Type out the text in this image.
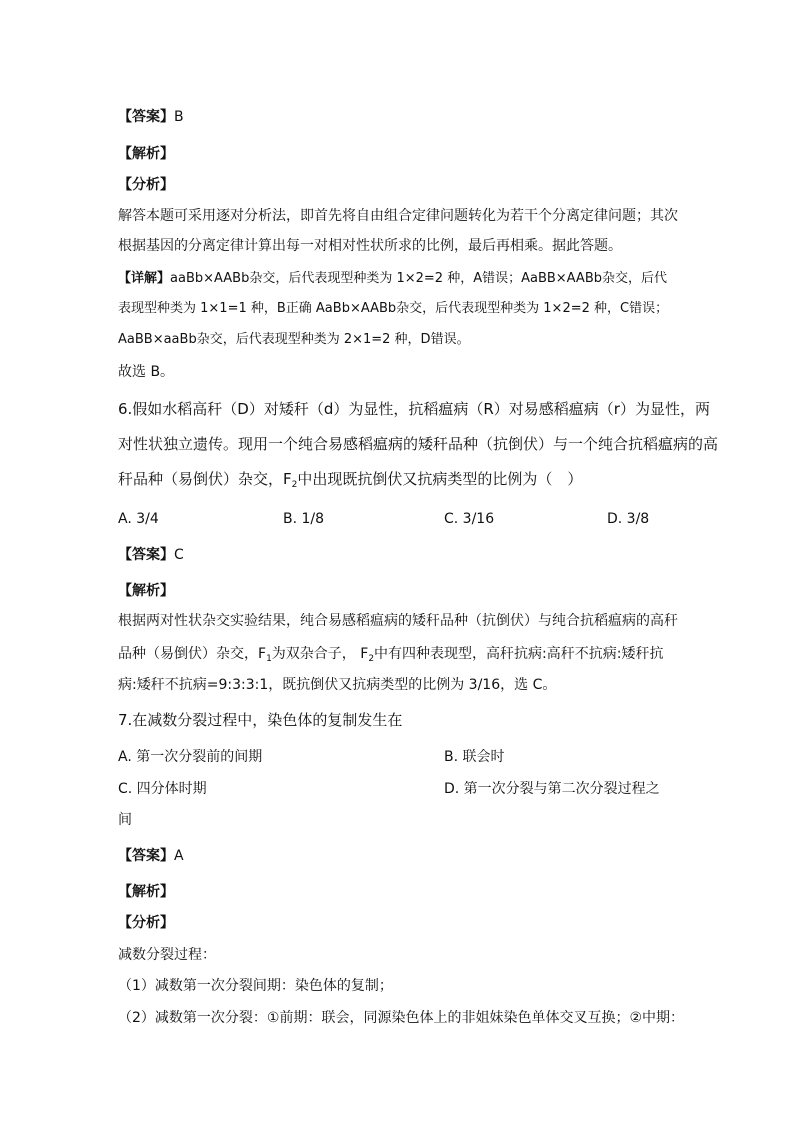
【答案】B
【解析】
【分析】
解答本题可采用逐对分析法，即首先将自由组合定律问题转化为若干个分离定律问题；其次
根据基因的分离定律计算出每一对相对性状所求的比例，最后再相乘。据此答题。
【详解】aaBb×AABb杂交，后代表现型种类为 1×2=2 种，A错误；AaBB×AABb杂交，后代
表现型种类为 1×1=1 种，B正确 AaBb×AABb杂交，后代表现型种类为 1×2=2 种，C错误；
AaBB×aaBb杂交，后代表现型种类为 2×1=2 种，D错误。
故选 B。
6.假如水稻高秆（D）对矮秆（d）为显性，抗稻瘟病（R）对易感稻瘟病（r）为显性，两
对性状独立遗传。现用一个纯合易感稻瘟病的矮秆品种（抗倒伏）与一个纯合抗稻瘟病的高
秆品种（易倒伏）杂交，$F_2$中出现既抗倒伏又抗病类型的比例为（　）
A. 3/4	B. 1/8	C. 3/16	D. 3/8
【答案】C
【解析】
根据两对性状杂交实验结果，纯合易感稻瘟病的矮秆品种（抗倒伏）与纯合抗稻瘟病的高秆
品种（易倒伏）杂交，$F_1$为双杂合子， $F_2$中有四种表现型，高秆抗病:高秆不抗病:矮秆抗
病:矮秆不抗病=9:3:3:1，既抗倒伏又抗病类型的比例为 3/16，选 C。
7.在减数分裂过程中，染色体的复制发生在
A. 第一次分裂前的间期	B. 联会时
C. 四分体时期	D. 第一次分裂与第二次分裂过程之
间
【答案】A
【解析】
【分析】
减数分裂过程：
（1）减数第一次分裂间期：染色体的复制；
（2）减数第一次分裂：①前期：联会，同源染色体上的非姐妹染色单体交叉互换；②中期：
